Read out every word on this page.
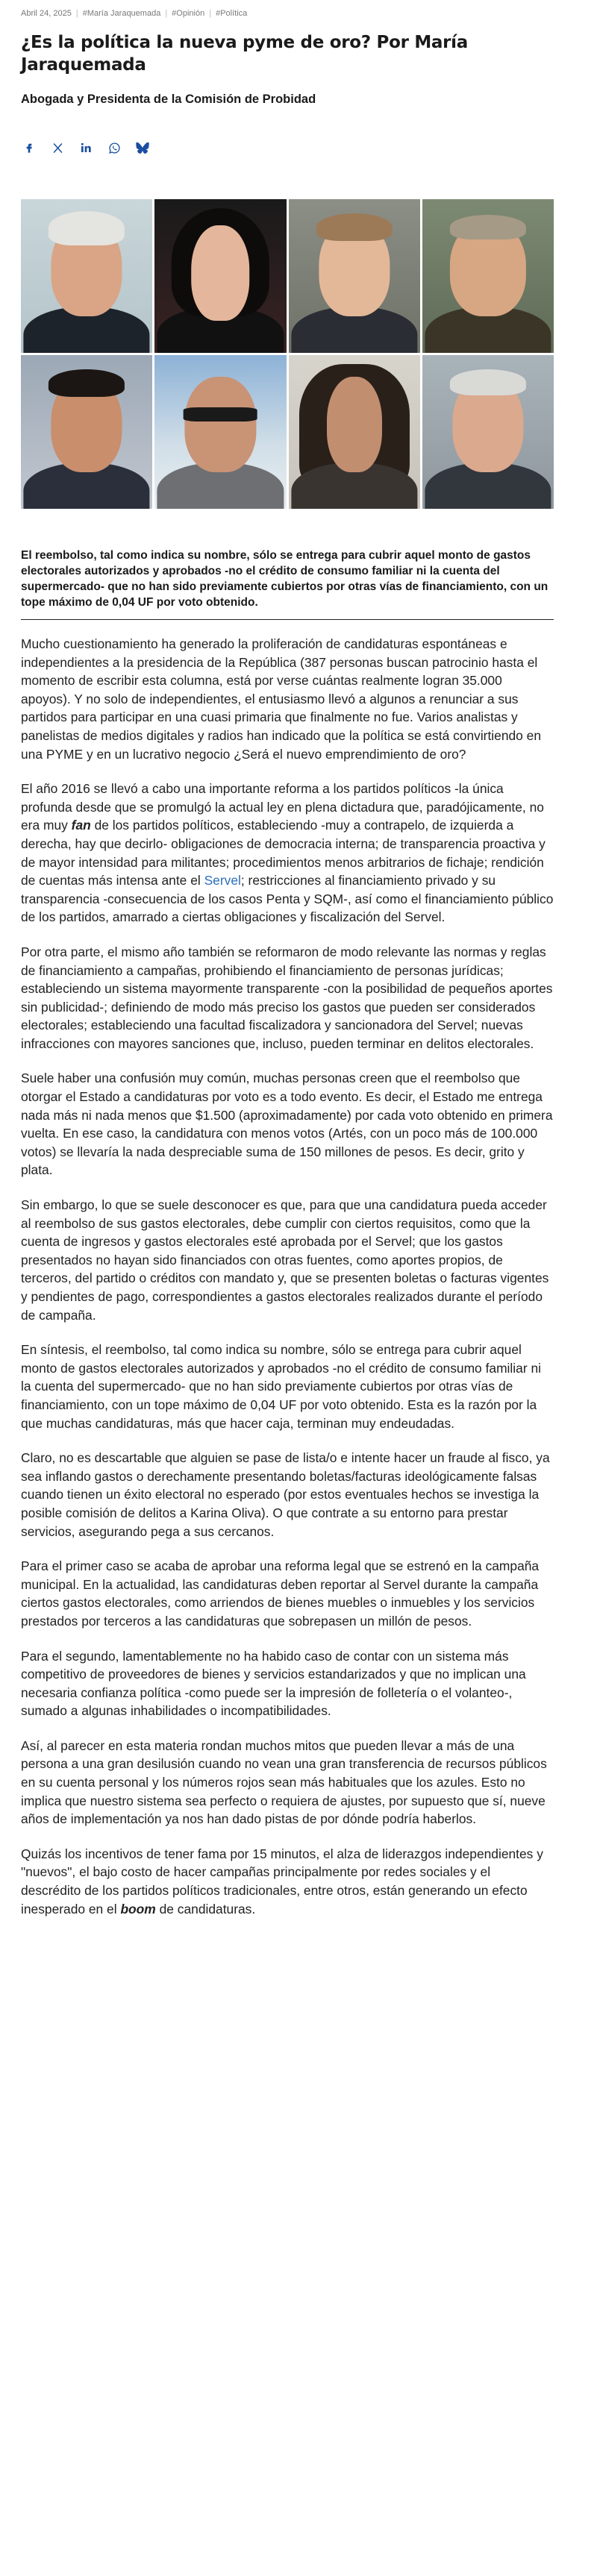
Abril 24, 2025 | #María Jaraquemada | #Opinión | #Política
¿Es la política la nueva pyme de oro? Por María Jaraquemada
Abogada y Presidenta de la Comisión de Probidad
El reembolso, tal como indica su nombre, sólo se entrega para cubrir aquel monto de gastos electorales autorizados y aprobados -no el crédito de consumo familiar ni la cuenta del supermercado- que no han sido previamente cubiertos por otras vías de financiamiento, con un tope máximo de 0,04 UF por voto obtenido.

Mucho cuestionamiento ha generado la proliferación de candidaturas espontáneas e independientes a la presidencia de la República (387 personas buscan patrocinio hasta el momento de escribir esta columna, está por verse cuántas realmente logran 35.000 apoyos). Y no solo de independientes, el entusiasmo llevó a algunos a renunciar a sus partidos para participar en una cuasi primaria que finalmente no fue. Varios analistas y panelistas de medios digitales y radios han indicado que la política se está convirtiendo en una PYME y en un lucrativo negocio ¿Será el nuevo emprendimiento de oro?

El año 2016 se llevó a cabo una importante reforma a los partidos políticos -la única profunda desde que se promulgó la actual ley en plena dictadura que, paradójicamente, no era muy fan de los partidos políticos, estableciendo -muy a contrapelo, de izquierda a derecha, hay que decirlo- obligaciones de democracia interna; de transparencia proactiva y de mayor intensidad para militantes; procedimientos menos arbitrarios de fichaje; rendición de cuentas más intensa ante el Servel; restricciones al financiamiento privado y su transparencia -consecuencia de los casos Penta y SQM-, así como el financiamiento público de los partidos, amarrado a ciertas obligaciones y fiscalización del Servel.

Por otra parte, el mismo año también se reformaron de modo relevante las normas y reglas de financiamiento a campañas, prohibiendo el financiamiento de personas jurídicas; estableciendo un sistema mayormente transparente -con la posibilidad de pequeños aportes sin publicidad-; definiendo de modo más preciso los gastos que pueden ser considerados electorales; estableciendo una facultad fiscalizadora y sancionadora del Servel; nuevas infracciones con mayores sanciones que, incluso, pueden terminar en delitos electorales.

Suele haber una confusión muy común, muchas personas creen que el reembolso que otorgar el Estado a candidaturas por voto es a todo evento. Es decir, el Estado me entrega nada más ni nada menos que $1.500 (aproximadamente) por cada voto obtenido en primera vuelta. En ese caso, la candidatura con menos votos (Artés, con un poco más de 100.000 votos) se llevaría la nada despreciable suma de 150 millones de pesos. Es decir, grito y plata.

Sin embargo, lo que se suele desconocer es que, para que una candidatura pueda acceder al reembolso de sus gastos electorales, debe cumplir con ciertos requisitos, como que la cuenta de ingresos y gastos electorales esté aprobada por el Servel; que los gastos presentados no hayan sido financiados con otras fuentes, como aportes propios, de terceros, del partido o créditos con mandato y, que se presenten boletas o facturas vigentes y pendientes de pago, correspondientes a gastos electorales realizados durante el período de campaña.

En síntesis, el reembolso, tal como indica su nombre, sólo se entrega para cubrir aquel monto de gastos electorales autorizados y aprobados -no el crédito de consumo familiar ni la cuenta del supermercado- que no han sido previamente cubiertos por otras vías de financiamiento, con un tope máximo de 0,04 UF por voto obtenido. Esta es la razón por la que muchas candidaturas, más que hacer caja, terminan muy endeudadas.

Claro, no es descartable que alguien se pase de lista/o e intente hacer un fraude al fisco, ya sea inflando gastos o derechamente presentando boletas/facturas ideológicamente falsas cuando tienen un éxito electoral no esperado (por estos eventuales hechos se investiga la posible comisión de delitos a Karina Oliva). O que contrate a su entorno para prestar servicios, asegurando pega a sus cercanos.

Para el primer caso se acaba de aprobar una reforma legal que se estrenó en la campaña municipal. En la actualidad, las candidaturas deben reportar al Servel durante la campaña ciertos gastos electorales, como arriendos de bienes muebles o inmuebles y los servicios prestados por terceros a las candidaturas que sobrepasen un millón de pesos.

Para el segundo, lamentablemente no ha habido caso de contar con un sistema más competitivo de proveedores de bienes y servicios estandarizados y que no implican una necesaria confianza política -como puede ser la impresión de folletería o el volanteo-, sumado a algunas inhabilidades o incompatibilidades.

Así, al parecer en esta materia rondan muchos mitos que pueden llevar a más de una persona a una gran desilusión cuando no vean una gran transferencia de recursos públicos en su cuenta personal y los números rojos sean más habituales que los azules. Esto no implica que nuestro sistema sea perfecto o requiera de ajustes, por supuesto que sí, nueve años de implementación ya nos han dado pistas de por dónde podría haberlos.

Quizás los incentivos de tener fama por 15 minutos, el alza de liderazgos independientes y "nuevos", el bajo costo de hacer campañas principalmente por redes sociales y el descrédito de los partidos políticos tradicionales, entre otros, están generando un efecto inesperado en el boom de candidaturas.
